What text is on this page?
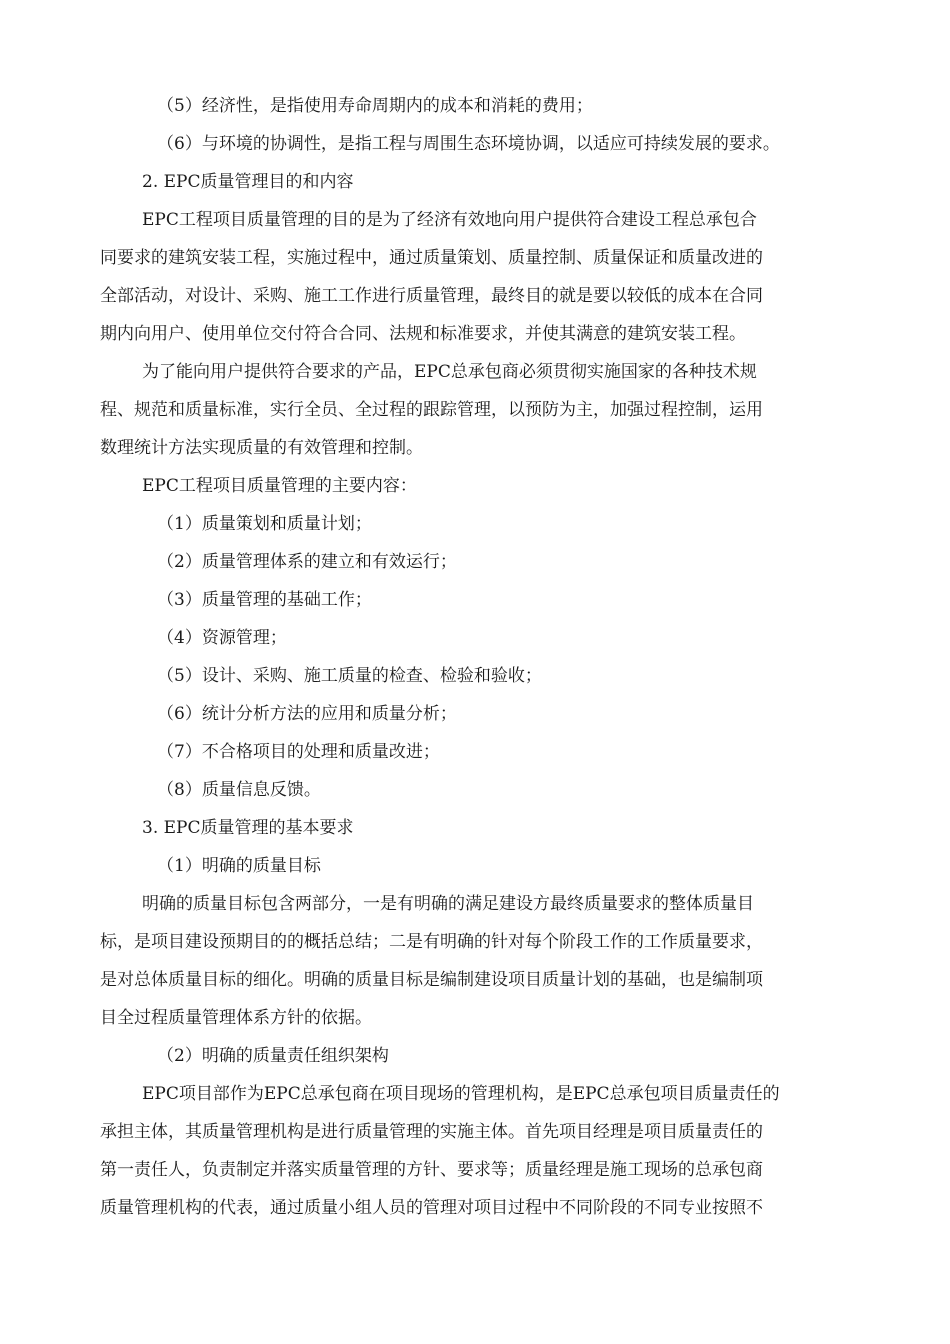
（5）经济性，是指使用寿命周期内的成本和消耗的费用；
（6）与环境的协调性，是指工程与周围生态环境协调，以适应可持续发展的要求。
2. EPC质量管理目的和内容
EPC工程项目质量管理的目的是为了经济有效地向用户提供符合建设工程总承包合
同要求的建筑安装工程，实施过程中，通过质量策划、质量控制、质量保证和质量改进的
全部活动，对设计、采购、施工工作进行质量管理，最终目的就是要以较低的成本在合同
期内向用户、使用单位交付符合合同、法规和标准要求，并使其满意的建筑安装工程。
为了能向用户提供符合要求的产品，EPC总承包商必须贯彻实施国家的各种技术规
程、规范和质量标准，实行全员、全过程的跟踪管理，以预防为主，加强过程控制，运用
数理统计方法实现质量的有效管理和控制。
EPC工程项目质量管理的主要内容：
（1）质量策划和质量计划；
（2）质量管理体系的建立和有效运行；
（3）质量管理的基础工作；
（4）资源管理；
（5）设计、采购、施工质量的检查、检验和验收；
（6）统计分析方法的应用和质量分析；
（7）不合格项目的处理和质量改进；
（8）质量信息反馈。
3. EPC质量管理的基本要求
（1）明确的质量目标
明确的质量目标包含两部分，一是有明确的满足建设方最终质量要求的整体质量目
标，是项目建设预期目的的概括总结；二是有明确的针对每个阶段工作的工作质量要求，
是对总体质量目标的细化。明确的质量目标是编制建设项目质量计划的基础，也是编制项
目全过程质量管理体系方针的依据。
（2）明确的质量责任组织架构
EPC项目部作为EPC总承包商在项目现场的管理机构，是EPC总承包项目质量责任的
承担主体，其质量管理机构是进行质量管理的实施主体。首先项目经理是项目质量责任的
第一责任人，负责制定并落实质量管理的方针、要求等；质量经理是施工现场的总承包商
质量管理机构的代表，通过质量小组人员的管理对项目过程中不同阶段的不同专业按照不
